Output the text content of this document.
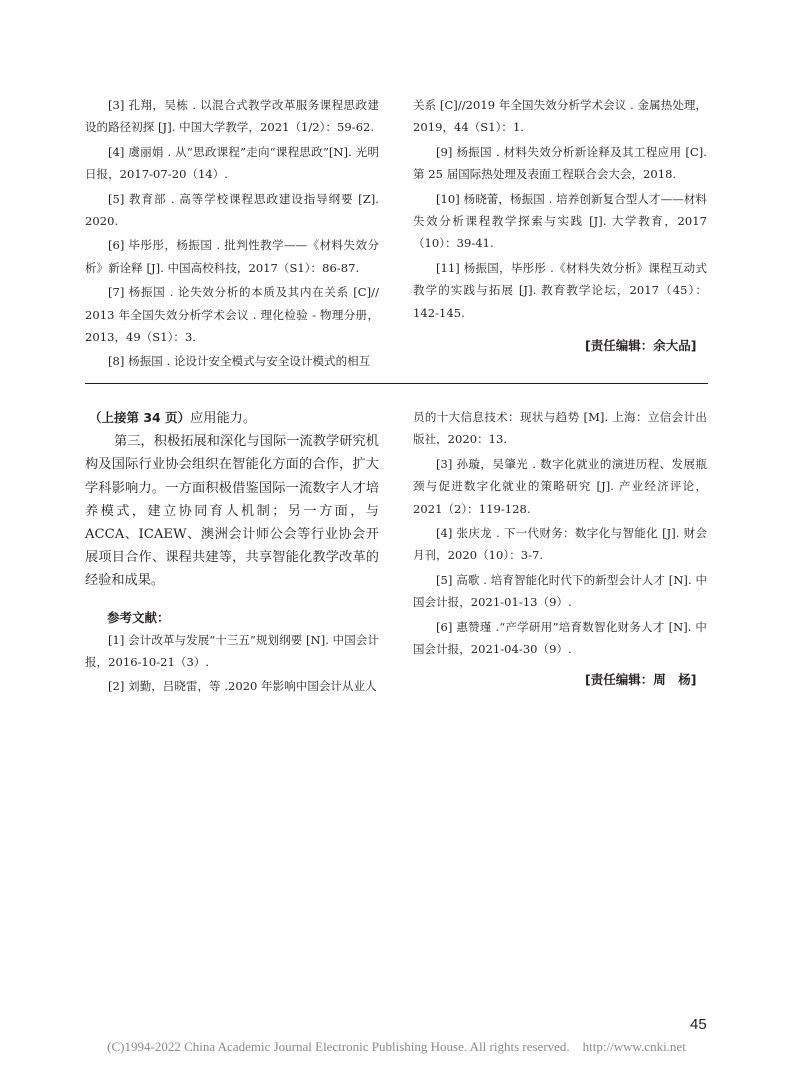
[3] 孔翔，吴栋 . 以混合式教学改革服务课程思政建设的路径初探 [J]. 中国大学教学，2021（1/2）：59-62.

[4] 虞丽娟 . 从“思政课程”走向“课程思政”[N]. 光明日报，2017-07-20（14）.

[5] 教育部 . 高等学校课程思政建设指导纲要 [Z]. 2020.

[6] 毕彤彤，杨振国 . 批判性教学——《材料失效分析》新诠释 [J]. 中国高校科技，2017（S1）：86-87.

[7] 杨振国 . 论失效分析的本质及其内在关系 [C]// 2013 年全国失效分析学术会议 . 理化检验 - 物理分册，2013，49（S1）：3.

[8] 杨振国 . 论设计安全模式与安全设计模式的相互

关系 [C]//2019 年全国失效分析学术会议 . 金属热处理，2019，44（S1）：1.

[9] 杨振国 . 材料失效分析新诠释及其工程应用 [C]. 第 25 届国际热处理及表面工程联合会大会，2018.

[10] 杨晓蕾，杨振国 . 培养创新复合型人才——材料失效分析课程教学探索与实践 [J]. 大学教育，2017（10）：39-41.

[11] 杨振国，毕彤彤 .《材料失效分析》课程互动式教学的实践与拓展 [J]. 教育教学论坛，2017（45）：142-145.

[责任编辑：余大品]

（上接第 34 页）应用能力。

第三，积极拓展和深化与国际一流教学研究机构及国际行业协会组织在智能化方面的合作，扩大学科影响力。一方面积极借鉴国际一流数字人才培养模式，建立协同育人机制；另一方面，与 ACCA、ICAEW、澳洲会计师公会等行业协会开展项目合作、课程共建等，共享智能化教学改革的经验和成果。

参考文献：

[1] 会计改革与发展“十三五”规划纲要 [N]. 中国会计报，2016-10-21（3）.

[2] 刘勤，吕晓雷，等 .2020 年影响中国会计从业人

员的十大信息技术：现状与趋势 [M]. 上海：立信会计出版社，2020：13.

[3] 孙璇，吴肇光 . 数字化就业的演进历程、发展瓶颈与促进数字化就业的策略研究 [J]. 产业经济评论，2021（2）：119-128.

[4] 张庆龙 . 下一代财务：数字化与智能化 [J]. 财会月刊，2020（10）：3-7.

[5] 高歌 . 培育智能化时代下的新型会计人才 [N]. 中国会计报，2021-01-13（9）.

[6] 惠赞瑾 .“产学研用”培育数智化财务人才 [N]. 中国会计报，2021-04-30（9）.

[责任编辑：周　杨]
45
(C)1994-2022 China Academic Journal Electronic Publishing House. All rights reserved.    http://www.cnki.net
